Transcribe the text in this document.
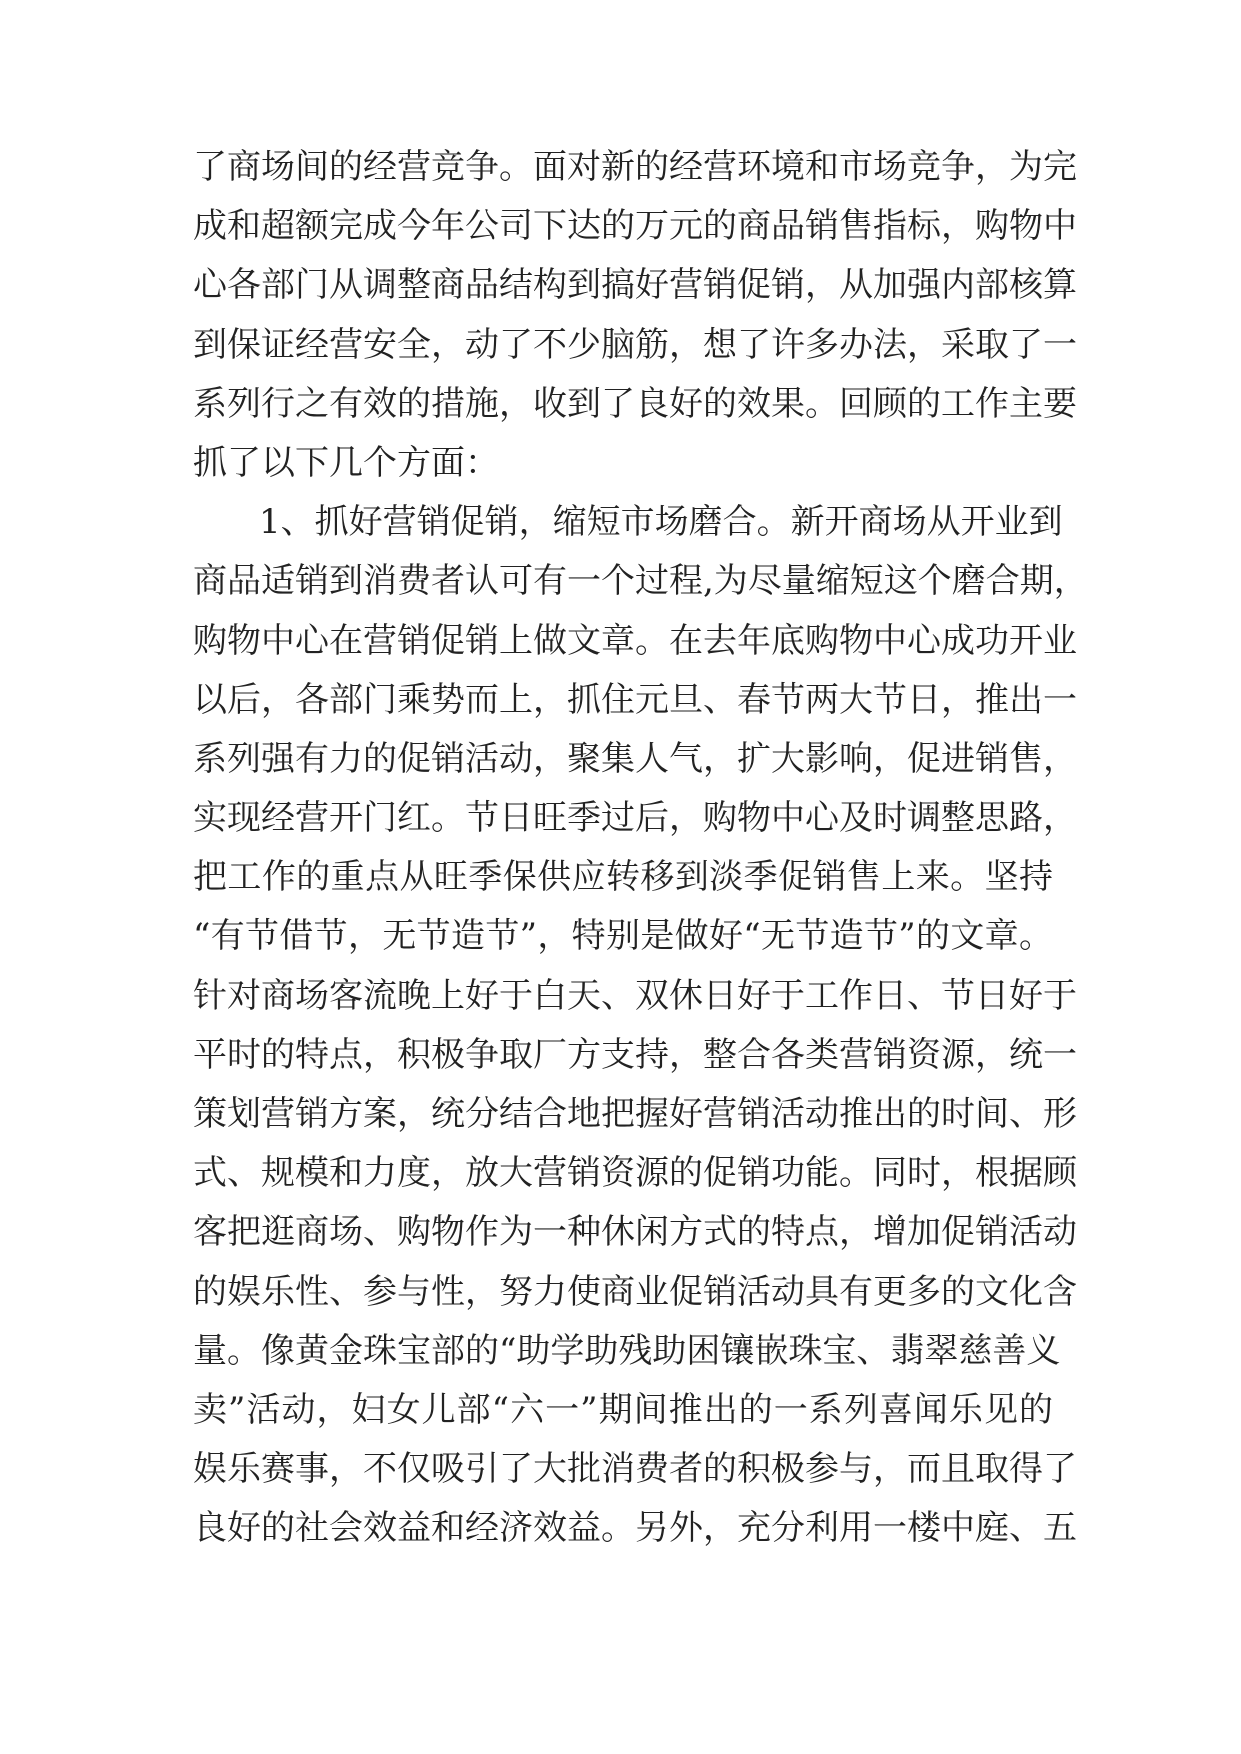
了商场间的经营竞争。面对新的经营环境和市场竞争，为完
成和超额完成今年公司下达的万元的商品销售指标，购物中
心各部门从调整商品结构到搞好营销促销，从加强内部核算
到保证经营安全，动了不少脑筋，想了许多办法，采取了一
系列行之有效的措施，收到了良好的效果。回顾的工作主要
抓了以下几个方面：
1、抓好营销促销，缩短市场磨合。新开商场从开业到
商品适销到消费者认可有一个过程,为尽量缩短这个磨合期，
购物中心在营销促销上做文章。在去年底购物中心成功开业
以后，各部门乘势而上，抓住元旦、春节两大节日，推出一
系列强有力的促销活动，聚集人气，扩大影响，促进销售，
实现经营开门红。节日旺季过后，购物中心及时调整思路，
把工作的重点从旺季保供应转移到淡季促销售上来。坚持
“有节借节，无节造节”，特别是做好“无节造节”的文章。
针对商场客流晚上好于白天、双休日好于工作日、节日好于
平时的特点，积极争取厂方支持，整合各类营销资源，统一
策划营销方案，统分结合地把握好营销活动推出的时间、形
式、规模和力度，放大营销资源的促销功能。同时，根据顾
客把逛商场、购物作为一种休闲方式的特点，增加促销活动
的娱乐性、参与性，努力使商业促销活动具有更多的文化含
量。像黄金珠宝部的“助学助残助困镶嵌珠宝、翡翠慈善义
卖”活动，妇女儿部“六一”期间推出的一系列喜闻乐见的
娱乐赛事，不仅吸引了大批消费者的积极参与，而且取得了
良好的社会效益和经济效益。另外，充分利用一楼中庭、五
